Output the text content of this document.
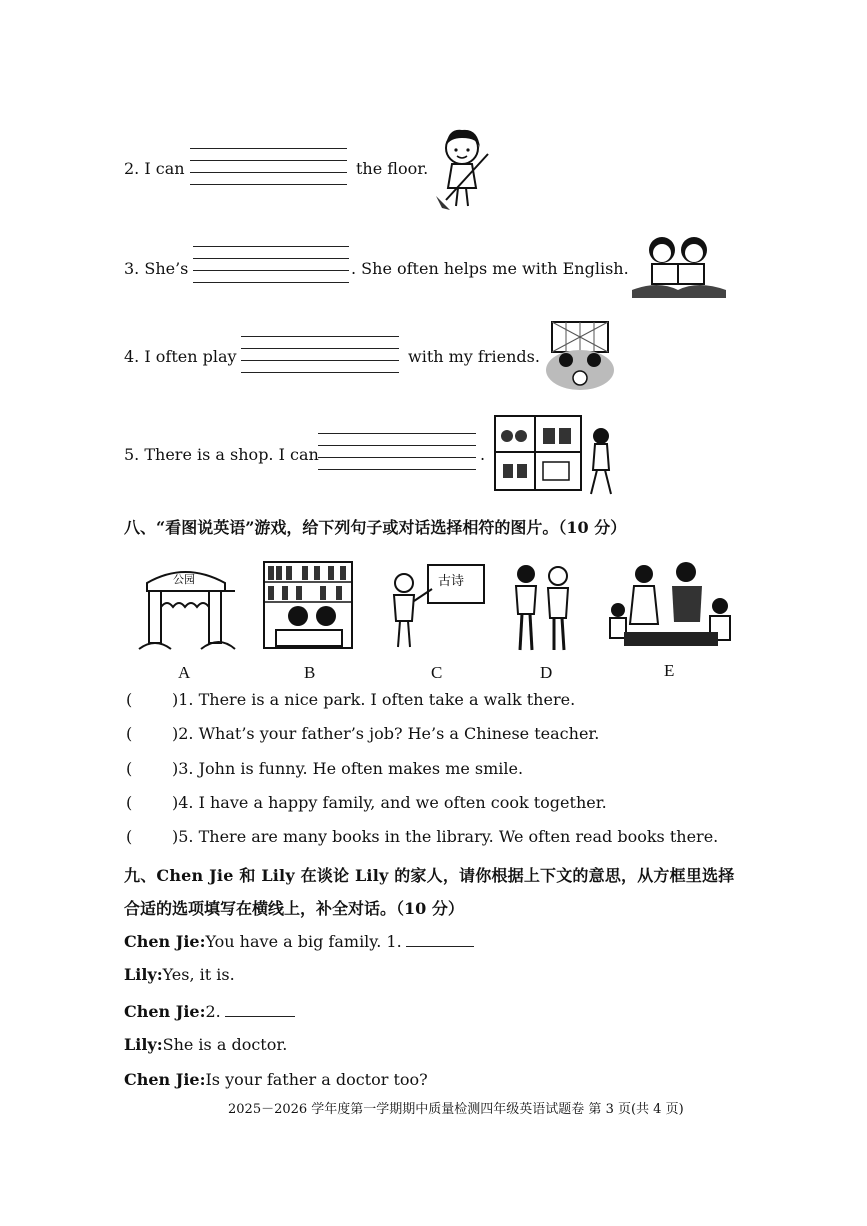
2. I can	the floor.
3. She’s	. She often helps me with English.
4. I often play	with my friends.
5. There is a shop. I can	.
八、“看图说英语”游戏，给下列句子或对话选择相符的图片。（10 分）
公园	古诗
A	B	C	D	E
( )1. There is a nice park. I often take a walk there.
( )2. What’s your father’s job? He’s a Chinese teacher.
( )3. John is funny. He often makes me smile.
( )4. I have a happy family, and we often cook together.
( )5. There are many books in the library. We often read books there.
九、Chen Jie 和 Lily 在谈论 Lily 的家人，请你根据上下文的意思，从方框里选择
合适的选项填写在横线上，补全对话。（10 分）
Chen Jie:You have a big family. 1.
Lily:Yes, it is.
Chen Jie:2.
Lily:She is a doctor.
Chen Jie:Is your father a doctor too?
2025－2026 学年度第一学期期中质量检测四年级英语试题卷 第 3 页(共 4 页)
